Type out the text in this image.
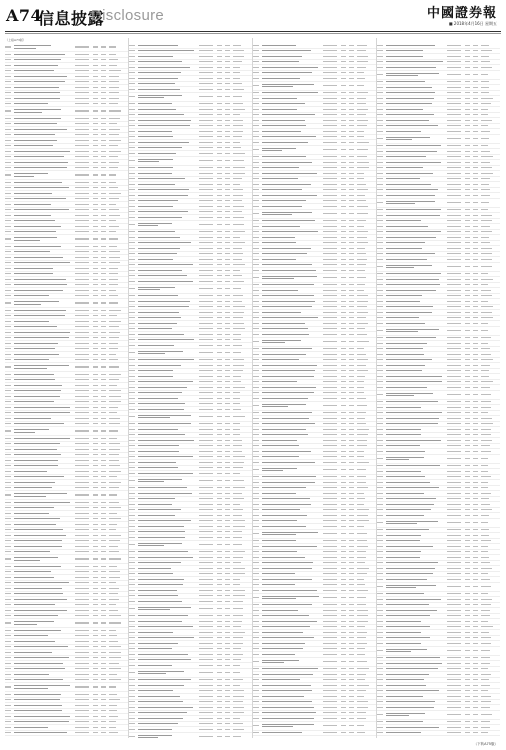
A74
信息披露
Disclosure	中國證券報
■ 2018年4月16日 星期五
（上接A73版）
（下转A75版）
